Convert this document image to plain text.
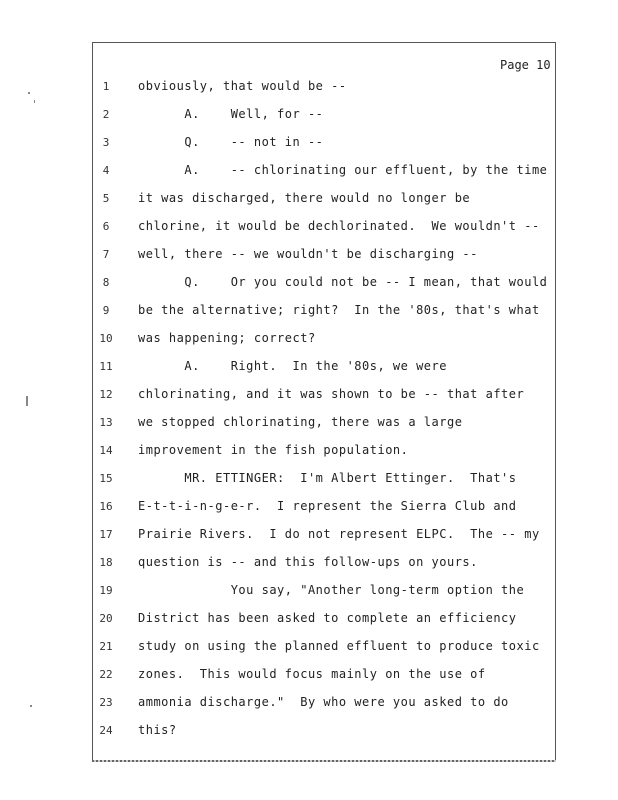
Page 10
1	obviously, that would be --
2	A.    Well, for --
3	Q.    -- not in --
4	A.    -- chlorinating our effluent, by the time
5	it was discharged, there would no longer be
6	chlorine, it would be dechlorinated.  We wouldn't --
7	well, there -- we wouldn't be discharging --
8	Q.    Or you could not be -- I mean, that would
9	be the alternative; right?  In the '80s, that's what
10 was happening; correct?
11 A.    Right.  In the '80s, we were
12 chlorinating, and it was shown to be -- that after
13 we stopped chlorinating, there was a large
14 improvement in the fish population.
15 MR. ETTINGER:  I'm Albert Ettinger.  That's
16 E-t-t-i-n-g-e-r.  I represent the Sierra Club and
17 Prairie Rivers.  I do not represent ELPC.  The -- my
18 question is -- and this follow-ups on yours.
19 You say, "Another long-term option the
20 District has been asked to complete an efficiency
21 study on using the planned effluent to produce toxic
22 zones.  This would focus mainly on the use of
23 ammonia discharge."  By who were you asked to do
24 this?
